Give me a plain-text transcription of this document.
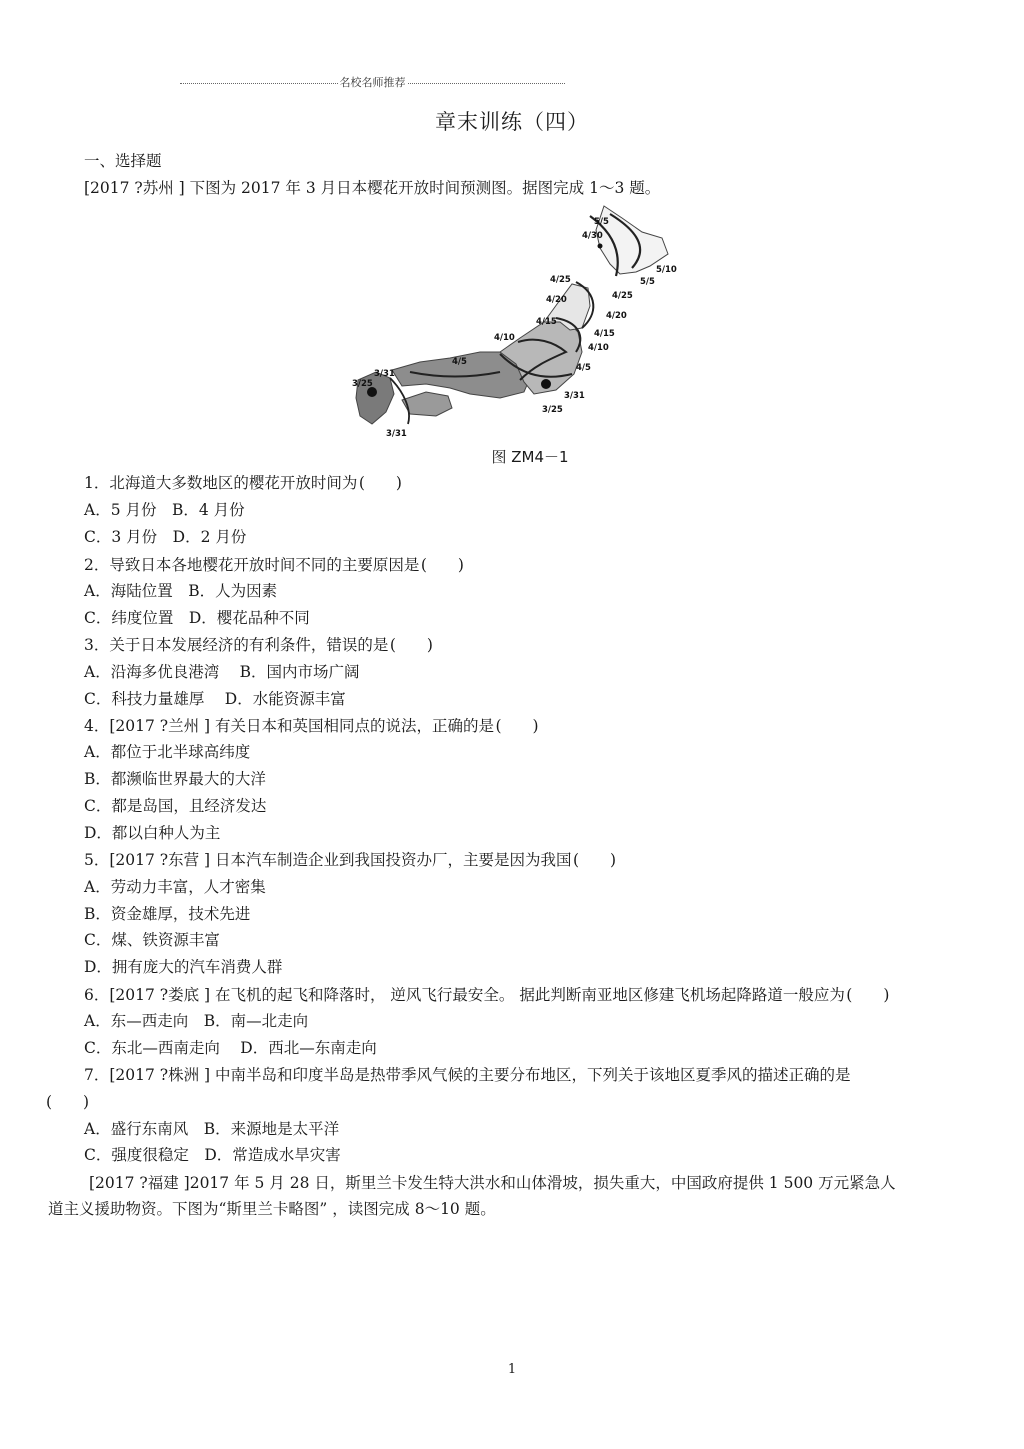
名校名师推荐
章末训练（四）
一、选择题
[2017 ?苏州 ] 下图为 2017 年 3 月日本樱花开放时间预测图。据图完成 1～3 题。
5/5
4/30
5/10
5/5
4/25
4/25
4/20
4/20
4/15
4/15
4/10
4/10
4/5
4/5
3/31
3/25
3/31
3/25
3/31
图 ZM4－1
1．北海道大多数地区的樱花开放时间为(　　)
A．5 月份　B．4 月份
C．3 月份　D．2 月份
2．导致日本各地樱花开放时间不同的主要原因是(　　)
A．海陆位置　B．人为因素
C．纬度位置　D．樱花品种不同
3．关于日本发展经济的有利条件，错误的是(　　)
A．沿海多优良港湾　 B．国内市场广阔
C．科技力量雄厚　 D．水能资源丰富
4．[2017 ?兰州 ] 有关日本和英国相同点的说法，正确的是(　　)
A．都位于北半球高纬度
B．都濒临世界最大的大洋
C．都是岛国，且经济发达
D．都以白种人为主
5．[2017 ?东营 ] 日本汽车制造企业到我国投资办厂，主要是因为我国(　　)
A．劳动力丰富，人才密集
B．资金雄厚，技术先进
C．煤、铁资源丰富
D．拥有庞大的汽车消费人群
6．[2017 ?娄底 ] 在飞机的起飞和降落时， 逆风飞行最安全。 据此判断南亚地区修建飞机场起降路道一般应为(　　)
A．东—西走向　B．南—北走向
C．东北—西南走向　 D．西北—东南走向
7．[2017 ?株洲 ] 中南半岛和印度半岛是热带季风气候的主要分布地区，下列关于该地区夏季风的描述正确的是
(　　)
A．盛行东南风　B．来源地是太平洋
C．强度很稳定　D．常造成水旱灾害
[2017 ?福建 ]2017 年 5 月 28 日，斯里兰卡发生特大洪水和山体滑坡，损失重大，中国政府提供 1 500 万元紧急人
道主义援助物资。下图为“斯里兰卡略图” ，读图完成 8～10 题。
1
